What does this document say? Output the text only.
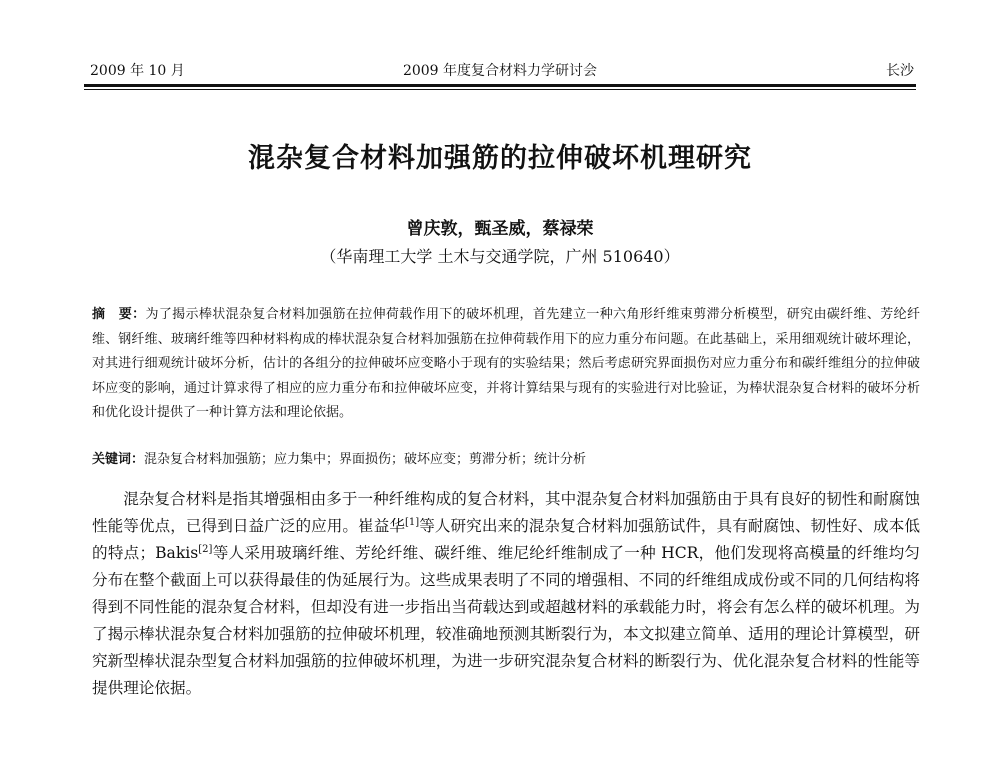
2009 年 10 月	2009 年度复合材料力学研讨会	长沙
混杂复合材料加强筋的拉伸破坏机理研究
曾庆敦，甄圣威，蔡禄荣
（华南理工大学 土木与交通学院，广州 510640）
摘　要：为了揭示棒状混杂复合材料加强筋在拉伸荷载作用下的破坏机理，首先建立一种六角形纤维束剪滞分析模型，研究由碳纤维、芳纶纤维、钢纤维、玻璃纤维等四种材料构成的棒状混杂复合材料加强筋在拉伸荷载作用下的应力重分布问题。在此基础上，采用细观统计破坏理论，对其进行细观统计破坏分析，估计的各组分的拉伸破坏应变略小于现有的实验结果；然后考虑研究界面损伤对应力重分布和碳纤维组分的拉伸破坏应变的影响，通过计算求得了相应的应力重分布和拉伸破坏应变，并将计算结果与现有的实验进行对比验证，为棒状混杂复合材料的破坏分析和优化设计提供了一种计算方法和理论依据。
关键词：混杂复合材料加强筋；应力集中；界面损伤；破坏应变；剪滞分析；统计分析
混杂复合材料是指其增强相由多于一种纤维构成的复合材料，其中混杂复合材料加强筋由于具有良好的韧性和耐腐蚀性能等优点，已得到日益广泛的应用。崔益华[1]等人研究出来的混杂复合材料加强筋试件，具有耐腐蚀、韧性好、成本低的特点；Bakis[2]等人采用玻璃纤维、芳纶纤维、碳纤维、维尼纶纤维制成了一种 HCR，他们发现将高模量的纤维均匀分布在整个截面上可以获得最佳的伪延展行为。这些成果表明了不同的增强相、不同的纤维组成成份或不同的几何结构将得到不同性能的混杂复合材料，但却没有进一步指出当荷载达到或超越材料的承载能力时，将会有怎么样的破坏机理。为了揭示棒状混杂复合材料加强筋的拉伸破坏机理，较准确地预测其断裂行为，本文拟建立简单、适用的理论计算模型，研究新型棒状混杂型复合材料加强筋的拉伸破坏机理，为进一步研究混杂复合材料的断裂行为、优化混杂复合材料的性能等提供理论依据。
